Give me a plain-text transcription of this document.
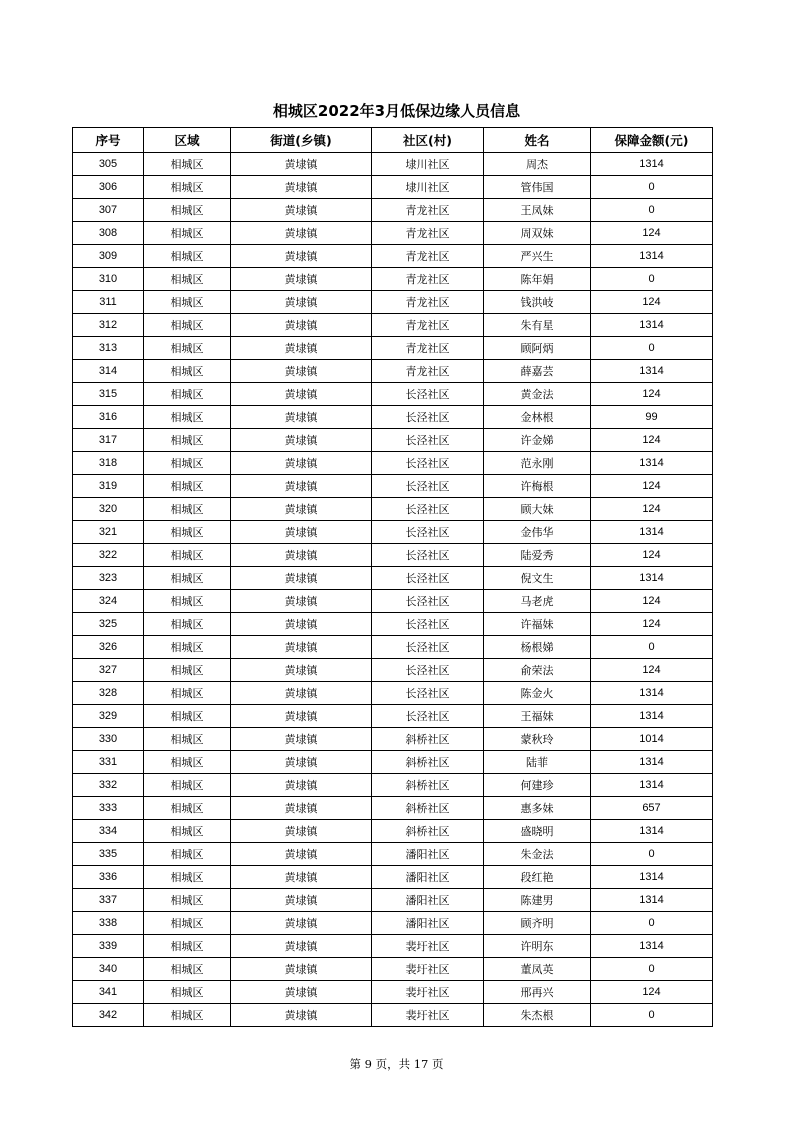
相城区2022年3月低保边缘人员信息
序号	区域	街道(乡镇)	社区(村)	姓名	保障金额(元)
305	相城区	黄埭镇	埭川社区	周杰	1314
306	相城区	黄埭镇	埭川社区	管伟国	0
307	相城区	黄埭镇	青龙社区	王凤妹	0
308	相城区	黄埭镇	青龙社区	周双妹	124
309	相城区	黄埭镇	青龙社区	严兴生	1314
310	相城区	黄埭镇	青龙社区	陈年娟	0
311	相城区	黄埭镇	青龙社区	钱洪岐	124
312	相城区	黄埭镇	青龙社区	朱有星	1314
313	相城区	黄埭镇	青龙社区	顾阿炳	0
314	相城区	黄埭镇	青龙社区	薛嘉芸	1314
315	相城区	黄埭镇	长泾社区	黄金法	124
316	相城区	黄埭镇	长泾社区	金林根	99
317	相城区	黄埭镇	长泾社区	许金娣	124
318	相城区	黄埭镇	长泾社区	范永刚	1314
319	相城区	黄埭镇	长泾社区	许梅根	124
320	相城区	黄埭镇	长泾社区	顾大妹	124
321	相城区	黄埭镇	长泾社区	金伟华	1314
322	相城区	黄埭镇	长泾社区	陆爱秀	124
323	相城区	黄埭镇	长泾社区	倪文生	1314
324	相城区	黄埭镇	长泾社区	马老虎	124
325	相城区	黄埭镇	长泾社区	许福妹	124
326	相城区	黄埭镇	长泾社区	杨根娣	0
327	相城区	黄埭镇	长泾社区	俞荣法	124
328	相城区	黄埭镇	长泾社区	陈金火	1314
329	相城区	黄埭镇	长泾社区	王福妹	1314
330	相城区	黄埭镇	斜桥社区	蒙秋玲	1014
331	相城区	黄埭镇	斜桥社区	陆菲	1314
332	相城区	黄埭镇	斜桥社区	何建珍	1314
333	相城区	黄埭镇	斜桥社区	惠多妹	657
334	相城区	黄埭镇	斜桥社区	盛晓明	1314
335	相城区	黄埭镇	潘阳社区	朱金法	0
336	相城区	黄埭镇	潘阳社区	段红艳	1314
337	相城区	黄埭镇	潘阳社区	陈建男	1314
338	相城区	黄埭镇	潘阳社区	顾齐明	0
339	相城区	黄埭镇	裴圩社区	许明东	1314
340	相城区	黄埭镇	裴圩社区	董凤英	0
341	相城区	黄埭镇	裴圩社区	邢再兴	124
342	相城区	黄埭镇	裴圩社区	朱杰根	0
第 9 页，共 17 页
